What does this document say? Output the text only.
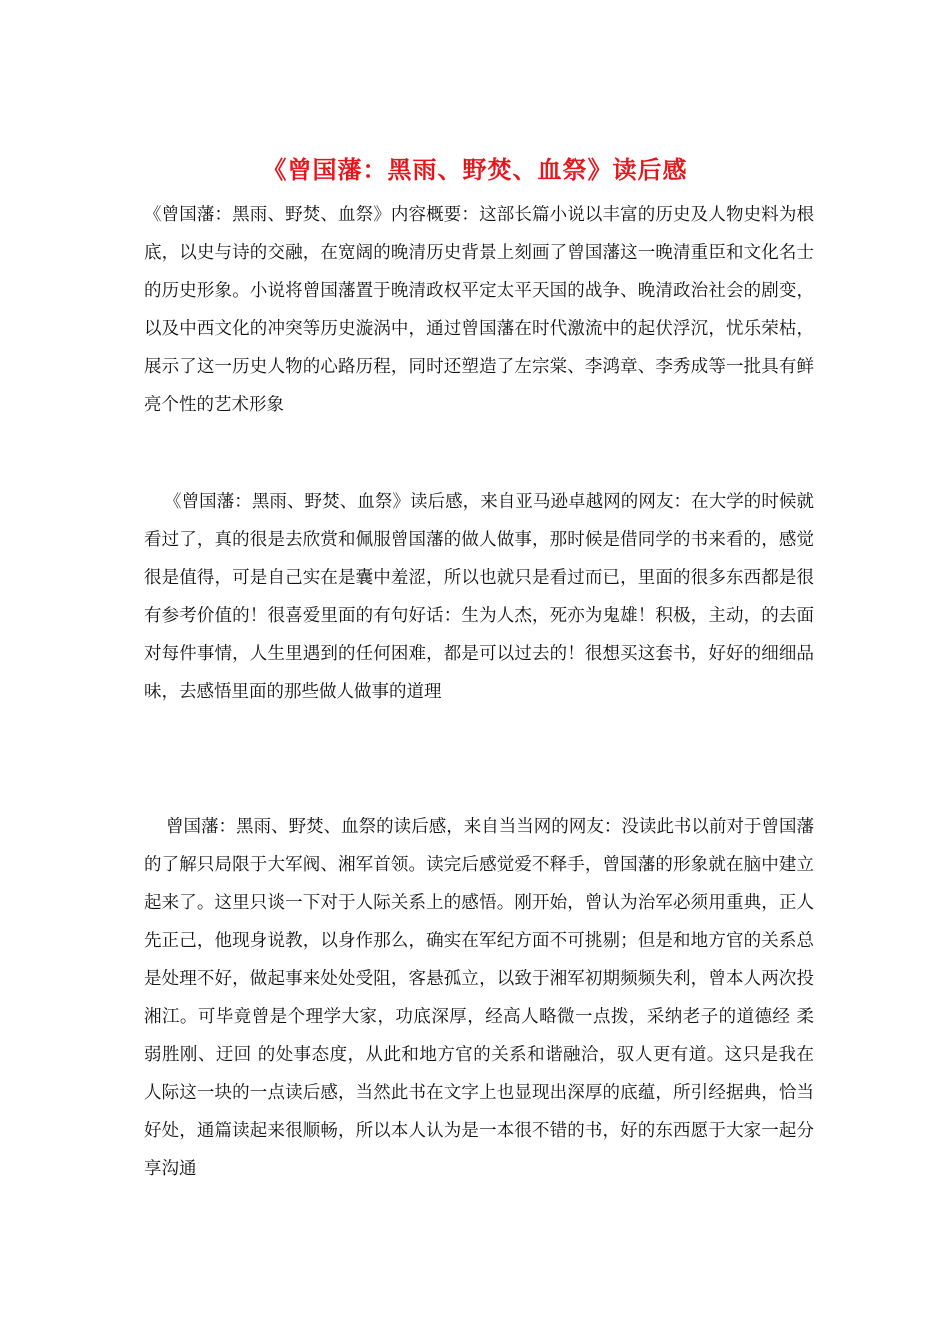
《曾国藩：黑雨、野焚、血祭》读后感

《曾国藩：黑雨、野焚、血祭》内容概要：这部长篇小说以丰富的历史及人物史料为根底，以史与诗的交融，在宽阔的晚清历史背景上刻画了曾国藩这一晚清重臣和文化名士的历史形象。小说将曾国藩置于晚清政权平定太平天国的战争、晚清政治社会的剧变，以及中西文化的冲突等历史漩涡中，通过曾国藩在时代激流中的起伏浮沉，忧乐荣枯，展示了这一历史人物的心路历程，同时还塑造了左宗棠、李鸿章、李秀成等一批具有鲜亮个性的艺术形象

《曾国藩：黑雨、野焚、血祭》读后感，来自亚马逊卓越网的网友：在大学的时候就看过了，真的很是去欣赏和佩服曾国藩的做人做事，那时候是借同学的书来看的，感觉很是值得，可是自己实在是囊中羞涩，所以也就只是看过而已，里面的很多东西都是很有参考价值的！很喜爱里面的有句好话：生为人杰，死亦为鬼雄！积极，主动，的去面对每件事情，人生里遇到的任何困难，都是可以过去的！很想买这套书，好好的细细品味，去感悟里面的那些做人做事的道理

曾国藩：黑雨、野焚、血祭的读后感，来自当当网的网友：没读此书以前对于曾国藩的了解只局限于大军阀、湘军首领。读完后感觉爱不释手，曾国藩的形象就在脑中建立起来了。这里只谈一下对于人际关系上的感悟。刚开始，曾认为治军必须用重典，正人先正己，他现身说教，以身作那么，确实在军纪方面不可挑剔；但是和地方官的关系总是处理不好，做起事来处处受阻，客悬孤立，以致于湘军初期频频失利，曾本人两次投湘江。可毕竟曾是个理学大家，功底深厚，经高人略微一点拨，采纳老子的道德经 柔弱胜刚、迂回 的处事态度，从此和地方官的关系和谐融洽，驭人更有道。这只是我在人际这一块的一点读后感，当然此书在文字上也显现出深厚的底蕴，所引经据典，恰当好处，通篇读起来很顺畅，所以本人认为是一本很不错的书，好的东西愿于大家一起分享沟通
